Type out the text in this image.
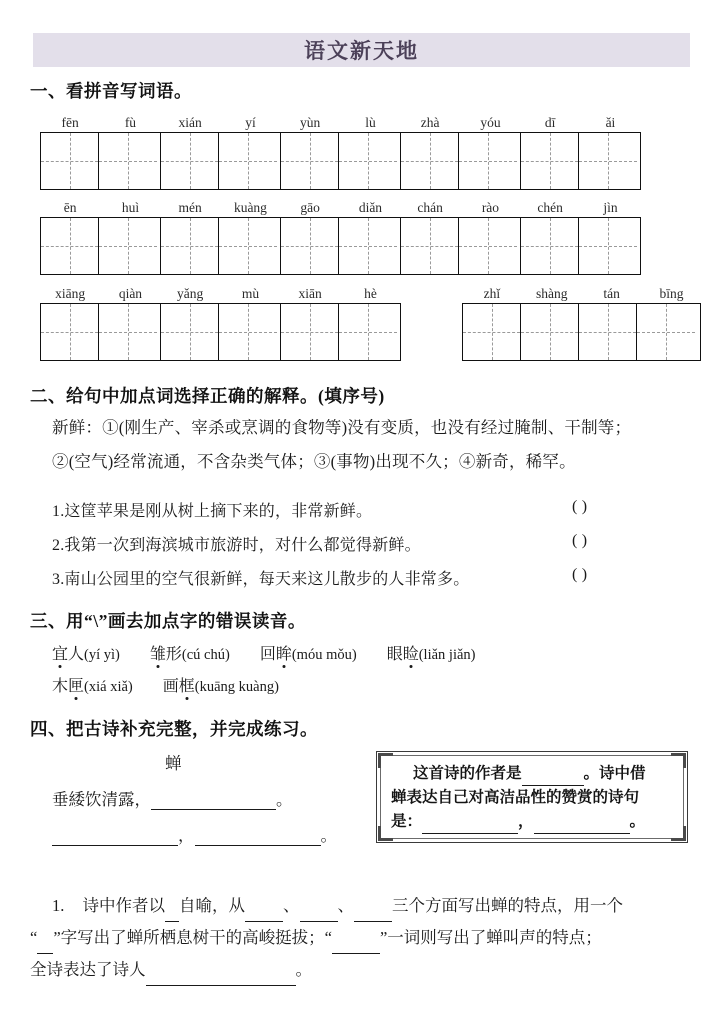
语文新天地
一、看拼音写词语。
fēn	fù	xián	yí	yùn	lù	zhà	yóu	dī	ǎi
ēn	huì	mén	kuàng	gāo	diǎn	chán	rào	chén	jìn
xiāng	qiàn	yǎng	mù	xiān	hè	zhǐ	shàng	tán	bīng
二、给句中加点词选择正确的解释。(填序号)
新鲜：①(刚生产、宰杀或烹调的食物等)没有变质，也没有经过腌制、干制等；
②(空气)经常流通，不含杂类气体；③(事物)出现不久；④新奇，稀罕。
1.这筐苹果是刚从树上摘下来的，非常新鲜。	( )
2.我第一次到海滨城市旅游时，对什么都觉得新鲜。	( )
3.南山公园里的空气很新鲜，每天来这儿散步的人非常多。	( )
三、用“\”画去加点字的错误读音。
宜人(yí yì) 雏形(cú chú) 回眸(móu mǒu) 眼睑(liǎn jiǎn)
木匣(xiá xiǎ) 画框(kuāng kuàng)
四、把古诗补充完整，并完成练习。
蝉
垂緌饮清露，	。
，	。
这首诗的作者是	。诗中借
蝉表达自己对高洁品性的赞赏的诗句
是：	，	。
1. 诗中作者以 自喻，从 、 、 三个方面写出蝉的特点，用一个
“ ”字写出了蝉所栖息树干的高峻挺拔；“	”一词则写出了蝉叫声的特点；
全诗表达了诗人	。
